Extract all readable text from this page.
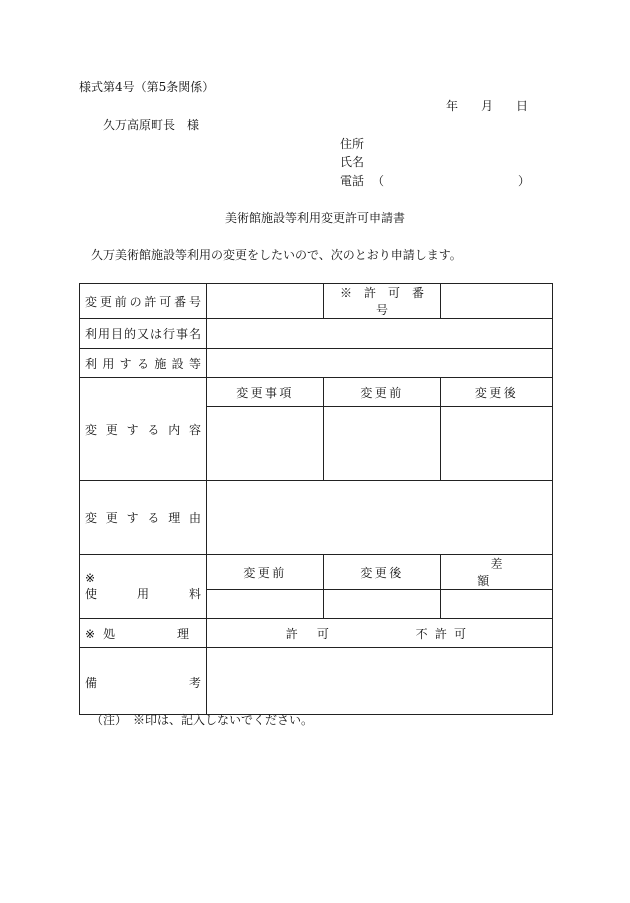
様式第4号（第5条関係）
年 月 日
久万高原町長　様
住所
氏名
電話 （	）
美術館施設等利用変更許可申請書
久万美術館施設等利用の変更をしたいので、次のとおり申請します。
変更前の許可番号		※　許　可　番　号	
利用目的又は行事名			
利用する施設等			
変更する内容	変更事項	変更前	変更後

変更する理由			

※
使用料	変更前	変更後	差額

※ 処理	許可 不許可		

備考			
（注）　※印は、記入しないでください。
